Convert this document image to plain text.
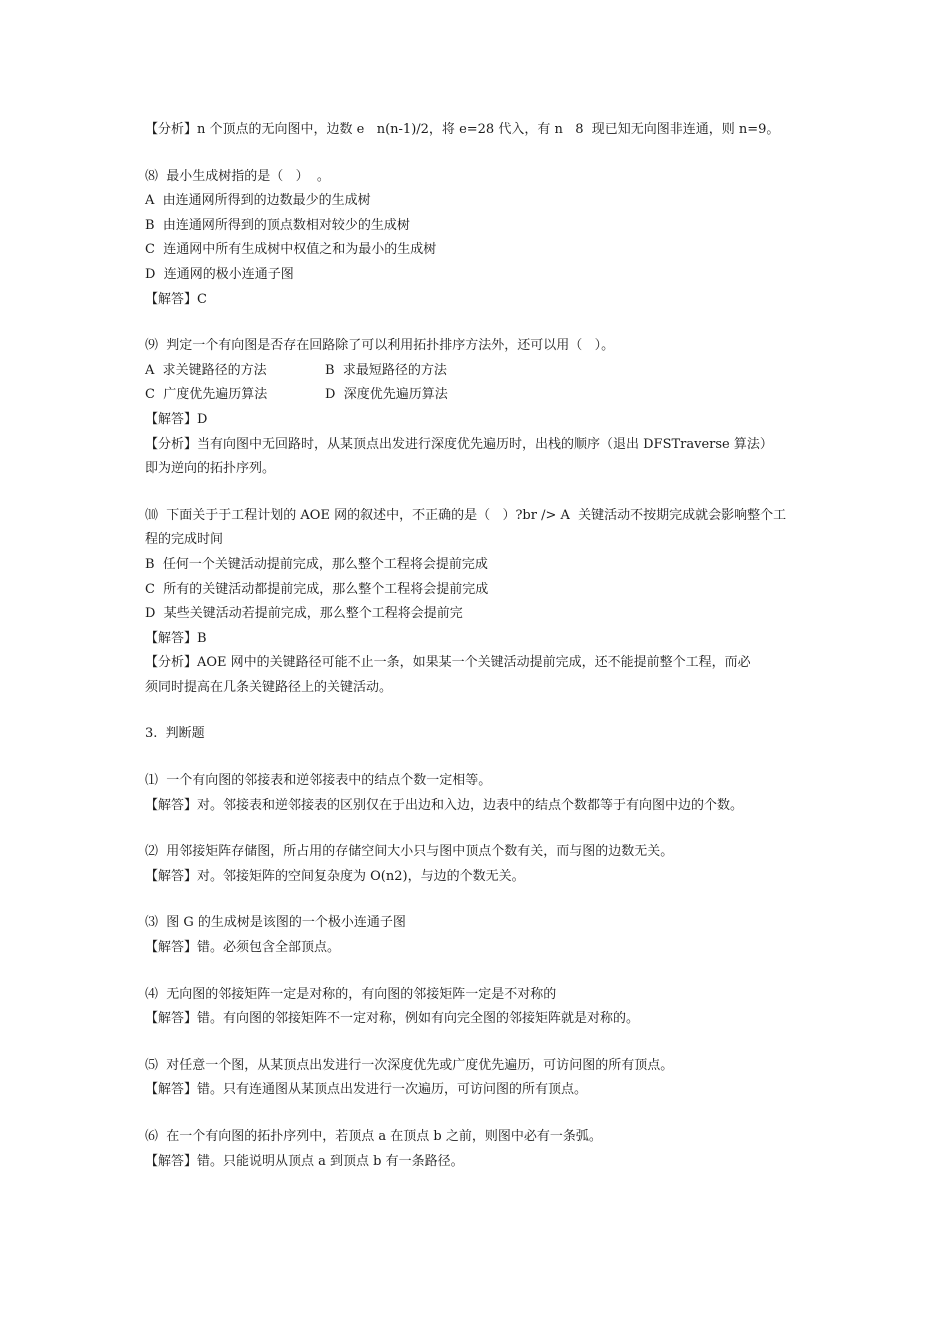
【分析】n 个顶点的无向图中，边数 e   n(n-1)/2，将 e=28 代入，有 n   8  现已知无向图非连通，则 n=9。
⑻  最小生成树指的是（   ）  。
A  由连通网所得到的边数最少的生成树
B  由连通网所得到的顶点数相对较少的生成树
C  连通网中所有生成树中权值之和为最小的生成树
D  连通网的极小连通子图
【解答】C
⑼  判定一个有向图是否存在回路除了可以利用拓扑排序方法外，还可以用（   ）。
A  求关键路径的方法	B  求最短路径的方法
C  广度优先遍历算法	D  深度优先遍历算法
【解答】D
【分析】当有向图中无回路时，从某顶点出发进行深度优先遍历时，出栈的顺序（退出 DFSTraverse 算法）
即为逆向的拓扑序列。
⑽  下面关于于工程计划的 AOE 网的叙述中，不正确的是（   ）?br /> A  关键活动不按期完成就会影响整个工
程的完成时间
B  任何一个关键活动提前完成，那么整个工程将会提前完成
C  所有的关键活动都提前完成，那么整个工程将会提前完成
D  某些关键活动若提前完成，那么整个工程将会提前完
【解答】B
【分析】AOE 网中的关键路径可能不止一条，如果某一个关键活动提前完成，还不能提前整个工程，而必
须同时提高在几条关键路径上的关键活动。
3.  判断题
⑴  一个有向图的邻接表和逆邻接表中的结点个数一定相等。
【解答】对。邻接表和逆邻接表的区别仅在于出边和入边，边表中的结点个数都等于有向图中边的个数。
⑵  用邻接矩阵存储图，所占用的存储空间大小只与图中顶点个数有关，而与图的边数无关。
【解答】对。邻接矩阵的空间复杂度为 O(n2)，与边的个数无关。
⑶  图 G 的生成树是该图的一个极小连通子图
【解答】错。必须包含全部顶点。
⑷  无向图的邻接矩阵一定是对称的，有向图的邻接矩阵一定是不对称的
【解答】错。有向图的邻接矩阵不一定对称，例如有向完全图的邻接矩阵就是对称的。
⑸  对任意一个图，从某顶点出发进行一次深度优先或广度优先遍历，可访问图的所有顶点。
【解答】错。只有连通图从某顶点出发进行一次遍历，可访问图的所有顶点。
⑹  在一个有向图的拓扑序列中，若顶点 a 在顶点 b 之前，则图中必有一条弧。
【解答】错。只能说明从顶点 a 到顶点 b 有一条路径。
